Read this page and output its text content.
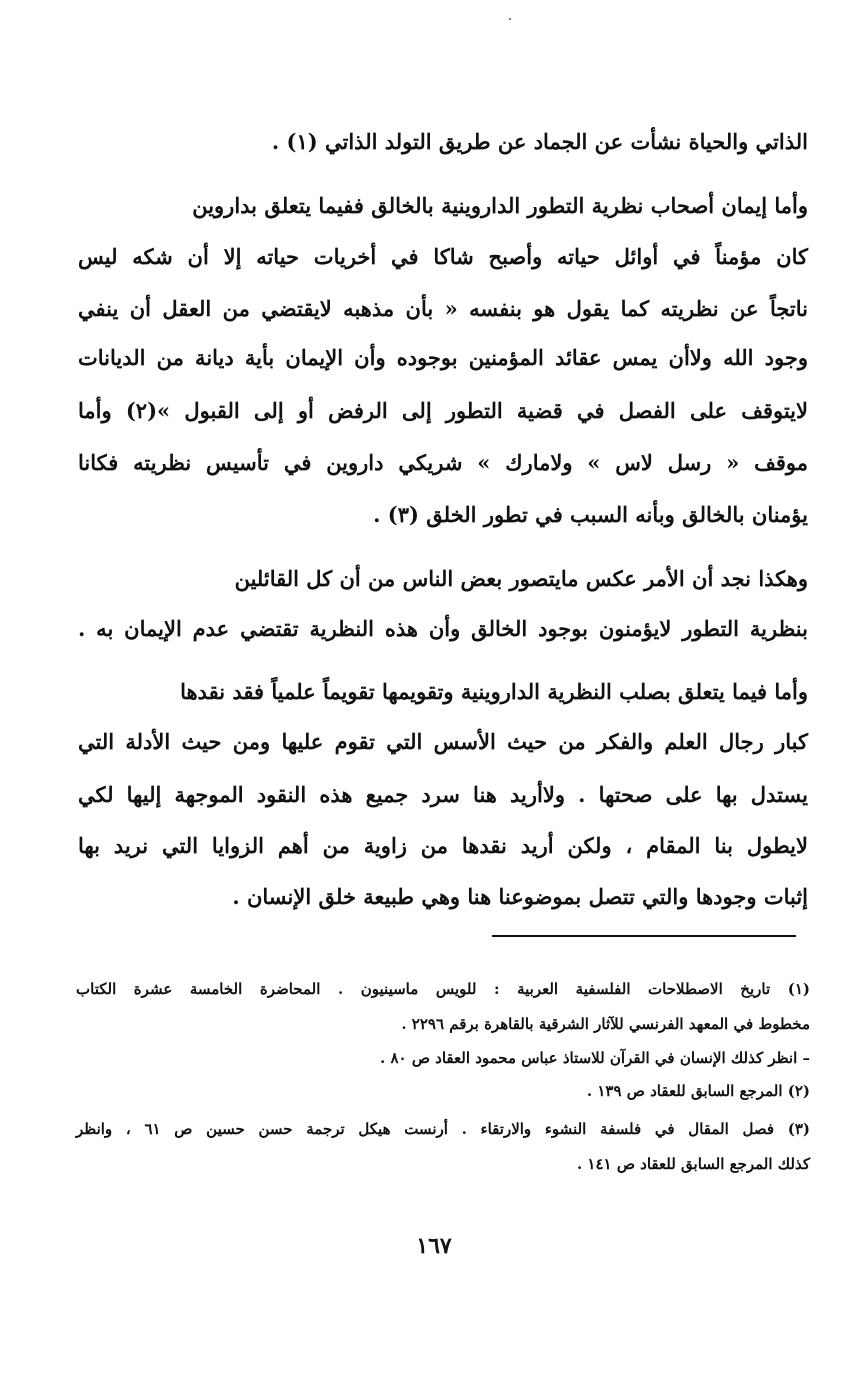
الذاتي والحياة نشأت عن الجماد عن طريق التولد الذاتي (١) .
وأما إيمان أصحاب نظرية التطور الداروينية بالخالق ففيما يتعلق بداروين
كان مؤمناً في أوائل حياته وأصبح شاكا في أخريات حياته إلا أن شكه ليس
ناتجاً عن نظريته كما يقول هو بنفسه « بأن مذهبه لايقتضي من العقل أن ينفي
وجود الله ولاأن يمس عقائد المؤمنين بوجوده وأن الإيمان بأية ديانة من الديانات
لايتوقف على الفصل في قضية التطور إلى الرفض أو إلى القبول »(٢) وأما
موقف « رسل لاس » ولامارك » شريكي داروين في تأسيس نظريته فكانا
يؤمنان بالخالق وبأنه السبب في تطور الخلق (٣) .
وهكذا نجد أن الأمر عكس مايتصور بعض الناس من أن كل القائلين
بنظرية التطور لايؤمنون بوجود الخالق وأن هذه النظرية تقتضي عدم الإيمان به .
وأما فيما يتعلق بصلب النظرية الداروينية وتقويمها تقويماً علمياً فقد نقدها
كبار رجال العلم والفكر من حيث الأسس التي تقوم عليها ومن حيث الأدلة التي
يستدل بها على صحتها . ولاأريد هنا سرد جميع هذه النقود الموجهة إليها لكي
لايطول بنا المقام ، ولكن أريد نقدها من زاوية من أهم الزوايا التي نريد بها
إثبات وجودها والتي تتصل بموضوعنا هنا وهي طبيعة خلق الإنسان .
(١) تاريخ الاصطلاحات الفلسفية العربية : للويس ماسينيون . المحاضرة الخامسة عشرة الكتاب
مخطوط في المعهد الفرنسي للآثار الشرقية بالقاهرة برقم ٢٢٩٦ .
– انظر كذلك الإنسان في القرآن للاستاذ عباس محمود العقاد ص ٨٠ .
(٢) المرجع السابق للعقاد ص ١٣٩ .
(٣) فصل المقال في فلسفة النشوء والارتقاء . أرنست هيكل ترجمة حسن حسين ص ٦١ ، وانظر
كذلك المرجع السابق للعقاد ص ١٤١ .
١٦٧
